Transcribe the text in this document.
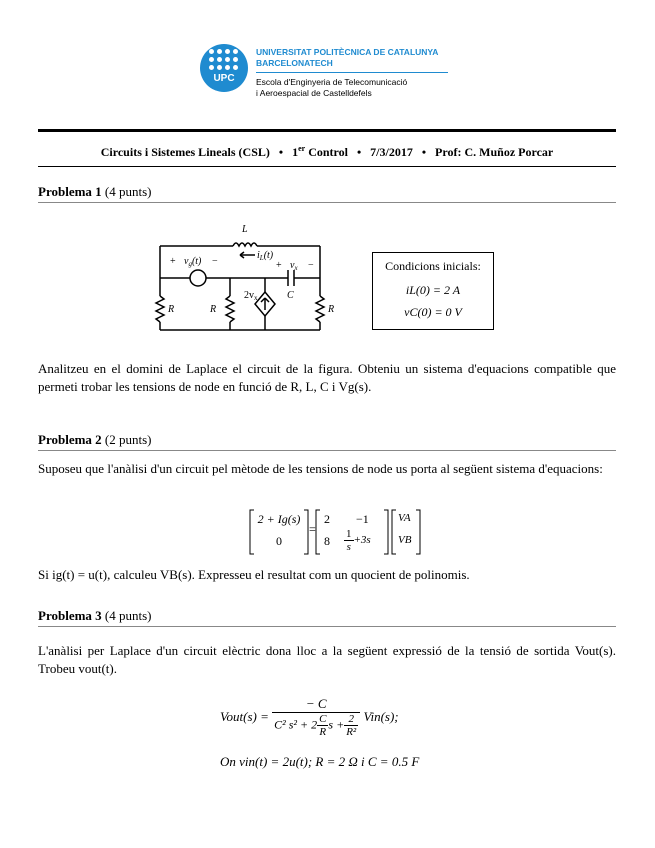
UPC
UNIVERSITAT POLITÈCNICA DE CATALUNYA
BARCELONATECH
Escola d'Enginyeria de Telecomunicació
i Aeroespacial de Castelldefels
Circuits i Sistemes Lineals (CSL) • 1er Control • 7/3/2017 • Prof: C. Muñoz Porcar
Problema 1 (4 punts)
L
$i_L(t)$
+ $v_g(t)$ −	+ $v_x$ −
C
$2v_x$
R	R	R
Condicions inicials:
iL(0) = 2 A
vC(0) = 0 V
Analitzeu en el domini de Laplace el circuit de la figura. Obteniu un sistema d'equacions compatible que permeti trobar les tensions de node en funció de R, L, C i Vg(s).
Problema 2 (2 punts)
Suposeu que l'anàlisi d'un circuit pel mètode de les tensions de node us porta al següent sistema d'equacions:
2 + Ig(s)
0
=
2 −1
$8 \frac{1}{s} +3s$
VA
VB
Si ig(t) = u(t), calculeu VB(s). Expresseu el resultat com un quocient de polinomis.
Problema 3 (4 punts)
L'anàlisi per Laplace d'un circuit elèctric dona lloc a la següent expressió de la tensió de sortida Vout(s). Trobeu vout(t).
Vout(s) = $\frac{- C}{C^2 s^2 + 2 \frac{C}{R} s + \frac{2}{\text{R²}}} Vin(s)$;
On vin(t) = 2u(t); R = 2 Ω i C = 0.5 F
